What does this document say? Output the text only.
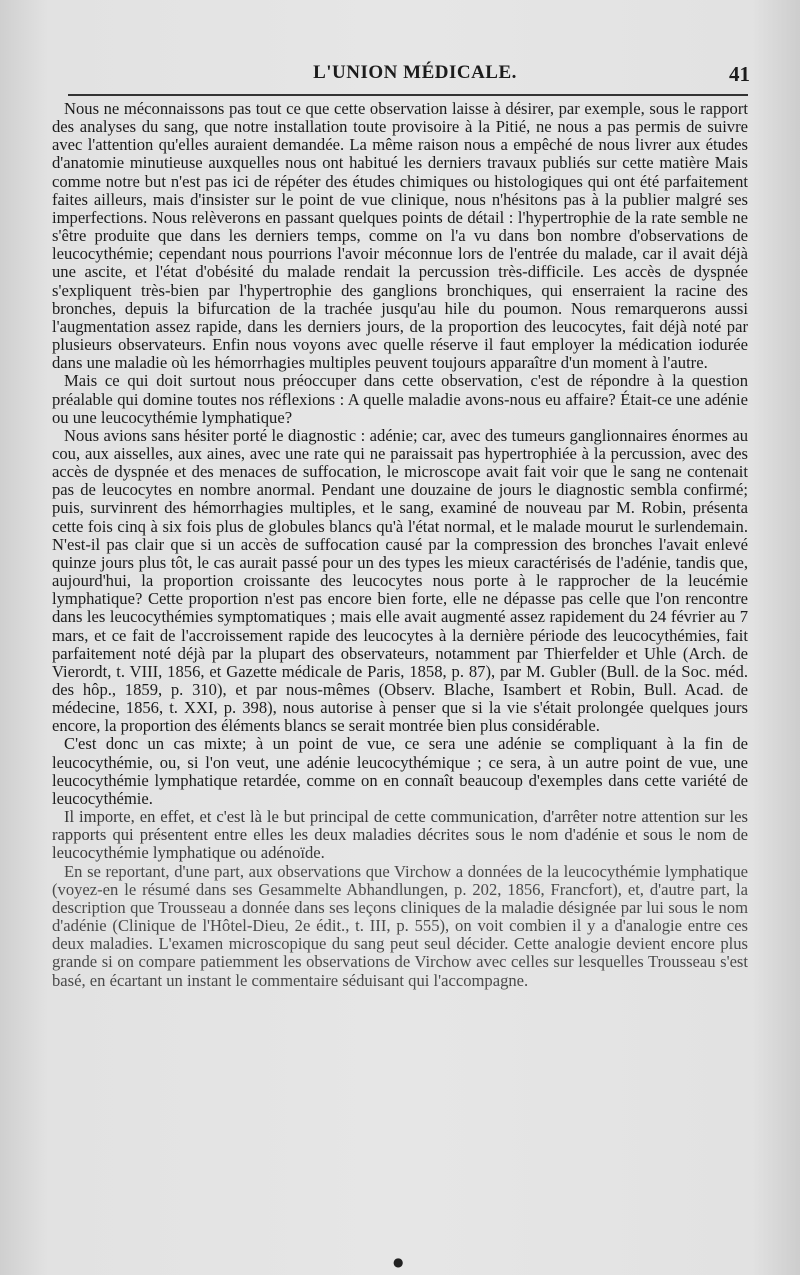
L'UNION MÉDICALE.	41

Nous ne méconnaissons pas tout ce que cette observation laisse à désirer, par exemple, sous le rapport des analyses du sang, que notre installation toute provisoire à la Pitié, ne nous a pas permis de suivre avec l'attention qu'elles auraient demandée. La même raison nous a empêché de nous livrer aux études d'anatomie minutieuse auxquelles nous ont habitué les derniers travaux publiés sur cette matière Mais comme notre but n'est pas ici de répéter des études chimiques ou histologiques qui ont été parfaitement faites ailleurs, mais d'insister sur le point de vue clinique, nous n'hésitons pas à la publier malgré ses imperfections. Nous relèverons en passant quelques points de détail : l'hypertrophie de la rate semble ne s'être produite que dans les derniers temps, comme on l'a vu dans bon nombre d'observations de leucocythémie; cependant nous pourrions l'avoir méconnue lors de l'entrée du malade, car il avait déjà une ascite, et l'état d'obésité du malade rendait la percussion très-difficile. Les accès de dyspnée s'expliquent très-bien par l'hypertrophie des ganglions bronchiques, qui enserraient la racine des bronches, depuis la bifurcation de la trachée jusqu'au hile du poumon. Nous remarquerons aussi l'augmentation assez rapide, dans les derniers jours, de la proportion des leucocytes, fait déjà noté par plusieurs observateurs. Enfin nous voyons avec quelle réserve il faut employer la médication iodurée dans une maladie où les hémorrhagies multiples peuvent toujours apparaître d'un moment à l'autre.

Mais ce qui doit surtout nous préoccuper dans cette observation, c'est de répondre à la question préalable qui domine toutes nos réflexions : A quelle maladie avons-nous eu affaire? Était-ce une adénie ou une leucocythémie lymphatique?

Nous avions sans hésiter porté le diagnostic : adénie; car, avec des tumeurs ganglionnaires énormes au cou, aux aisselles, aux aines, avec une rate qui ne paraissait pas hypertrophiée à la percussion, avec des accès de dyspnée et des menaces de suffocation, le microscope avait fait voir que le sang ne contenait pas de leucocytes en nombre anormal. Pendant une douzaine de jours le diagnostic sembla confirmé; puis, survinrent des hémorrhagies multiples, et le sang, examiné de nouveau par M. Robin, présenta cette fois cinq à six fois plus de globules blancs qu'à l'état normal, et le malade mourut le surlendemain. N'est-il pas clair que si un accès de suffocation causé par la compression des bronches l'avait enlevé quinze jours plus tôt, le cas aurait passé pour un des types les mieux caractérisés de l'adénie, tandis que, aujourd'hui, la proportion croissante des leucocytes nous porte à le rapprocher de la leucémie lymphatique? Cette proportion n'est pas encore bien forte, elle ne dépasse pas celle que l'on rencontre dans les leucocythémies symptomatiques ; mais elle avait augmenté assez rapidement du 24 février au 7 mars, et ce fait de l'accroissement rapide des leucocytes à la dernière période des leucocythémies, fait parfaitement noté déjà par la plupart des observateurs, notamment par Thierfelder et Uhle (Arch. de Vierordt, t. VIII, 1856, et Gazette médicale de Paris, 1858, p. 87), par M. Gubler (Bull. de la Soc. méd. des hôp., 1859, p. 310), et par nous-mêmes (Observ. Blache, Isambert et Robin, Bull. Acad. de médecine, 1856, t. XXI, p. 398), nous autorise à penser que si la vie s'était prolongée quelques jours encore, la proportion des éléments blancs se serait montrée bien plus considérable.

C'est donc un cas mixte; à un point de vue, ce sera une adénie se compliquant à la fin de leucocythémie, ou, si l'on veut, une adénie leucocythémique ; ce sera, à un autre point de vue, une leucocythémie lymphatique retardée, comme on en connaît beaucoup d'exemples dans cette variété de leucocythémie.

Il importe, en effet, et c'est là le but principal de cette communication, d'arrêter notre attention sur les rapports qui présentent entre elles les deux maladies décrites sous le nom d'adénie et sous le nom de leucocythémie lymphatique ou adénoïde.

En se reportant, d'une part, aux observations que Virchow a données de la leucocythémie lymphatique (voyez-en le résumé dans ses Gesammelte Abhandlungen, p. 202, 1856, Francfort), et, d'autre part, la description que Trousseau a donnée dans ses leçons cliniques de la maladie désignée par lui sous le nom d'adénie (Clinique de l'Hôtel-Dieu, 2e édit., t. III, p. 555), on voit combien il y a d'analogie entre ces deux maladies. L'examen microscopique du sang peut seul décider. Cette analogie devient encore plus grande si on compare patiemment les observations de Virchow avec celles sur lesquelles Trousseau s'est basé, en écartant un instant le commentaire séduisant qui l'accompagne.

●
